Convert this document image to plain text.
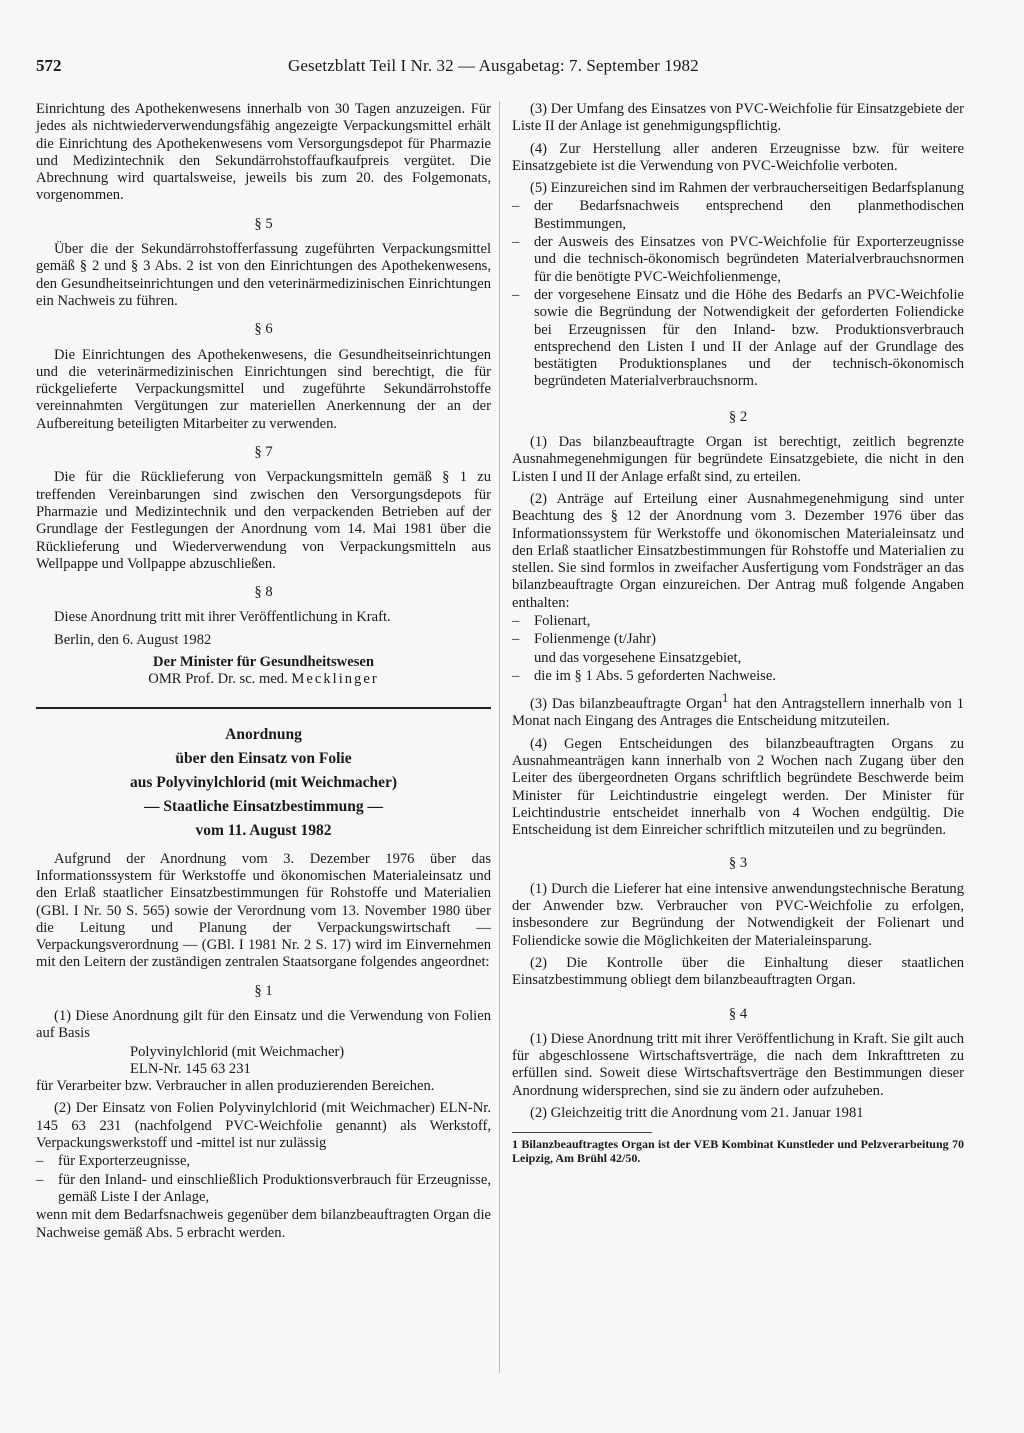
572	Gesetzblatt Teil I Nr. 32 — Ausgabetag: 7. September 1982

Einrichtung des Apothekenwesens innerhalb von 30 Tagen anzuzeigen. Für jedes als nichtwiederverwendungsfähig angezeigte Verpackungsmittel erhält die Einrichtung des Apothekenwesens vom Versorgungsdepot für Pharmazie und Medizintechnik den Sekundärrohstoffaufkaufpreis vergütet. Die Abrechnung wird quartalsweise, jeweils bis zum 20. des Folgemonats, vorgenommen.

§ 5

Über die der Sekundärrohstofferfassung zugeführten Verpackungsmittel gemäß § 2 und § 3 Abs. 2 ist von den Einrichtungen des Apothekenwesens, den Gesundheitseinrichtungen und den veterinärmedizinischen Einrichtungen ein Nachweis zu führen.

§ 6

Die Einrichtungen des Apothekenwesens, die Gesundheitseinrichtungen und die veterinärmedizinischen Einrichtungen sind berechtigt, die für rückgelieferte Verpackungsmittel und zugeführte Sekundärrohstoffe vereinnahmten Vergütungen zur materiellen Anerkennung der an der Aufbereitung beteiligten Mitarbeiter zu verwenden.

§ 7

Die für die Rücklieferung von Verpackungsmitteln gemäß § 1 zu treffenden Vereinbarungen sind zwischen den Versorgungsdepots für Pharmazie und Medizintechnik und den verpackenden Betrieben auf der Grundlage der Festlegungen der Anordnung vom 14. Mai 1981 über die Rücklieferung und Wiederverwendung von Verpackungsmitteln aus Wellpappe und Vollpappe abzuschließen.

§ 8

Diese Anordnung tritt mit ihrer Veröffentlichung in Kraft.

Berlin, den 6. August 1982

Der Minister für Gesundheitswesen
OMR Prof. Dr. sc. med. Mecklinger
Anordnung
über den Einsatz von Folie
aus Polyvinylchlorid (mit Weichmacher)
— Staatliche Einsatzbestimmung —
vom 11. August 1982

Aufgrund der Anordnung vom 3. Dezember 1976 über das Informationssystem für Werkstoffe und ökonomischen Materialeinsatz und den Erlaß staatlicher Einsatzbestimmungen für Rohstoffe und Materialien (GBl. I Nr. 50 S. 565) sowie der Verordnung vom 13. November 1980 über die Leitung und Planung der Verpackungswirtschaft — Verpackungsverordnung — (GBl. I 1981 Nr. 2 S. 17) wird im Einvernehmen mit den Leitern der zuständigen zentralen Staatsorgane folgendes angeordnet:

§ 1

(1) Diese Anordnung gilt für den Einsatz und die Verwendung von Folien auf Basis

Polyvinylchlorid (mit Weichmacher)
ELN-Nr. 145 63 231

für Verarbeiter bzw. Verbraucher in allen produzierenden Bereichen.

(2) Der Einsatz von Folien Polyvinylchlorid (mit Weichmacher) ELN-Nr. 145 63 231 (nachfolgend PVC-Weichfolie genannt) als Werkstoff, Verpackungswerkstoff und -mittel ist nur zulässig

–	für Exporterzeugnisse,
–	für den Inland- und einschließlich Produktionsverbrauch für Erzeugnisse, gemäß Liste I der Anlage,

wenn mit dem Bedarfsnachweis gegenüber dem bilanzbeauftragten Organ die Nachweise gemäß Abs. 5 erbracht werden.

(3) Der Umfang des Einsatzes von PVC-Weichfolie für Einsatzgebiete der Liste II der Anlage ist genehmigungspflichtig.

(4) Zur Herstellung aller anderen Erzeugnisse bzw. für weitere Einsatzgebiete ist die Verwendung von PVC-Weichfolie verboten.

(5) Einzureichen sind im Rahmen der verbraucherseitigen Bedarfsplanung

–	der Bedarfsnachweis entsprechend den planmethodischen Bestimmungen,
–	der Ausweis des Einsatzes von PVC-Weichfolie für Exporterzeugnisse und die technisch-ökonomisch begründeten Materialverbrauchsnormen für die benötigte PVC-Weichfolienmenge,
–	der vorgesehene Einsatz und die Höhe des Bedarfs an PVC-Weichfolie sowie die Begründung der Notwendigkeit der geforderten Foliendicke bei Erzeugnissen für den Inland- bzw. Produktionsverbrauch entsprechend den Listen I und II der Anlage auf der Grundlage des bestätigten Produktionsplanes und der technisch-ökonomisch begründeten Materialverbrauchsnorm.
§ 2

(1) Das bilanzbeauftragte Organ ist berechtigt, zeitlich begrenzte Ausnahmegenehmigungen für begründete Einsatzgebiete, die nicht in den Listen I und II der Anlage erfaßt sind, zu erteilen.

(2) Anträge auf Erteilung einer Ausnahmegenehmigung sind unter Beachtung des § 12 der Anordnung vom 3. Dezember 1976 über das Informationssystem für Werkstoffe und ökonomischen Materialeinsatz und den Erlaß staatlicher Einsatzbestimmungen für Rohstoffe und Materialien zu stellen. Sie sind formlos in zweifacher Ausfertigung vom Fondsträger an das bilanzbeauftragte Organ einzureichen. Der Antrag muß folgende Angaben enthalten:

–	Folienart,
–	Folienmenge (t/Jahr)
und das vorgesehene Einsatzgebiet,
–	die im § 1 Abs. 5 geforderten Nachweise.

(3) Das bilanzbeauftragte Organ$^1$ hat den Antragstellern innerhalb von 1 Monat nach Eingang des Antrages die Entscheidung mitzuteilen.

(4) Gegen Entscheidungen des bilanzbeauftragten Organs zu Ausnahmeanträgen kann innerhalb von 2 Wochen nach Zugang über den Leiter des übergeordneten Organs schriftlich begründete Beschwerde beim Minister für Leichtindustrie eingelegt werden. Der Minister für Leichtindustrie entscheidet innerhalb von 4 Wochen endgültig. Die Entscheidung ist dem Einreicher schriftlich mitzuteilen und zu begründen.

§ 3

(1) Durch die Lieferer hat eine intensive anwendungstechnische Beratung der Anwender bzw. Verbraucher von PVC-Weichfolie zu erfolgen, insbesondere zur Begründung der Notwendigkeit der Folienart und Foliendicke sowie die Möglichkeiten der Materialeinsparung.

(2) Die Kontrolle über die Einhaltung dieser staatlichen Einsatzbestimmung obliegt dem bilanzbeauftragten Organ.

§ 4

(1) Diese Anordnung tritt mit ihrer Veröffentlichung in Kraft. Sie gilt auch für abgeschlossene Wirtschaftsverträge, die nach dem Inkrafttreten zu erfüllen sind. Soweit diese Wirtschaftsverträge den Bestimmungen dieser Anordnung widersprechen, sind sie zu ändern oder aufzuheben.

(2) Gleichzeitig tritt die Anordnung vom 21. Januar 1981

1 Bilanzbeauftragtes Organ ist der VEB Kombinat Kunstleder und Pelzverarbeitung 70 Leipzig, Am Brühl 42/50.
